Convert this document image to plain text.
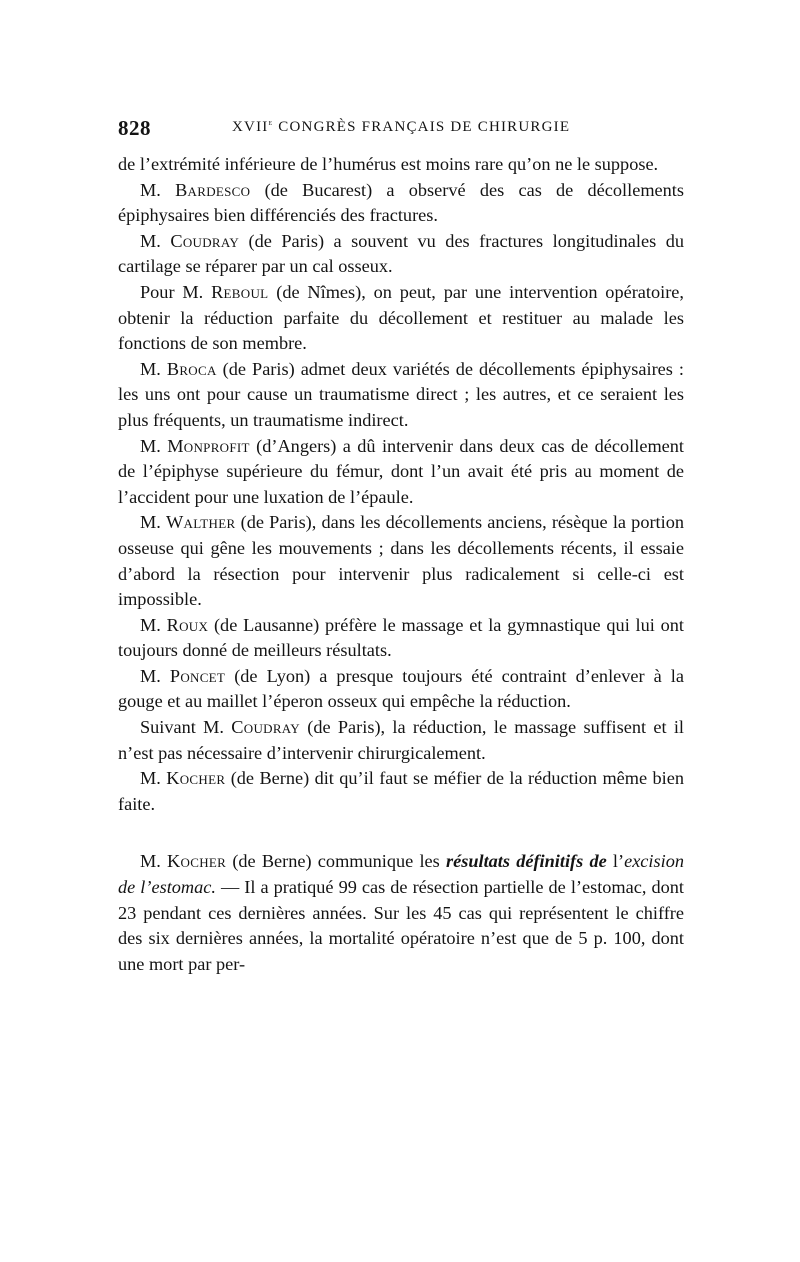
828	XVIIe CONGRÈS FRANÇAIS DE CHIRURGIE

de l’extrémité inférieure de l’humérus est moins rare qu’on ne le suppose.

M. Bardesco (de Bucarest) a observé des cas de décollements épiphysaires bien différenciés des fractures.

M. Coudray (de Paris) a souvent vu des fractures longitudinales du cartilage se réparer par un cal osseux.

Pour M. Reboul (de Nîmes), on peut, par une intervention opératoire, obtenir la réduction parfaite du décollement et restituer au malade les fonctions de son membre.

M. Broca (de Paris) admet deux variétés de décollements épiphysaires : les uns ont pour cause un traumatisme direct ; les autres, et ce seraient les plus fréquents, un traumatisme indirect.

M. Monprofit (d’Angers) a dû intervenir dans deux cas de décollement de l’épiphyse supérieure du fémur, dont l’un avait été pris au moment de l’accident pour une luxation de l’épaule.

M. Walther (de Paris), dans les décollements anciens, résèque la portion osseuse qui gêne les mouvements ; dans les décollements récents, il essaie d’abord la résection pour intervenir plus radicalement si celle-ci est impossible.

M. Roux (de Lausanne) préfère le massage et la gymnastique qui lui ont toujours donné de meilleurs résultats.

M. Poncet (de Lyon) a presque toujours été contraint d’enlever à la gouge et au maillet l’éperon osseux qui empêche la réduction.

Suivant M. Coudray (de Paris), la réduction, le massage suffisent et il n’est pas nécessaire d’intervenir chirurgicalement.

M. Kocher (de Berne) dit qu’il faut se méfier de la réduction même bien faite.

M. Kocher (de Berne) communique les résultats définitifs de l’excision de l’estomac. — Il a pratiqué 99 cas de résection partielle de l’estomac, dont 23 pendant ces dernières années. Sur les 45 cas qui représentent le chiffre des six dernières années, la mortalité opératoire n’est que de 5 p. 100, dont une mort par per-
